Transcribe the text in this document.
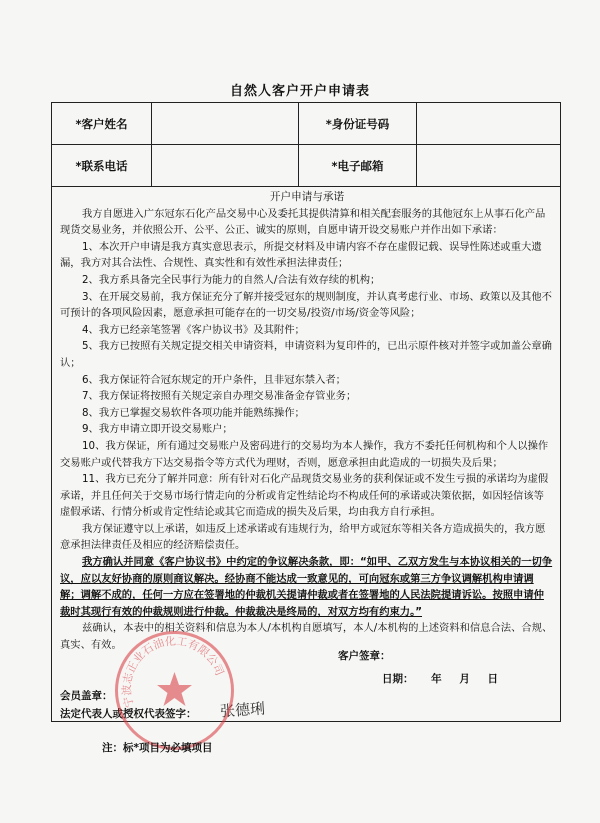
自然人客户开户申请表
*客户姓名	*身份证号码
*联系电话	*电子邮箱

开户申请与承诺

我方自愿进入广东冠东石化产品交易中心及委托其提供清算和相关配套服务的其他冠东上从事石化产品现货交易业务，并依照公开、公平、公正、诚实的原则，自愿申请开设交易账户并作出如下承诺：

1、本次开户申请是我方真实意思表示，所提交材料及申请内容不存在虚假记载、误导性陈述或重大遗漏，我方对其合法性、合规性、真实性和有效性承担法律责任；

2、我方系具备完全民事行为能力的自然人/合法有效存续的机构；

3、在开展交易前，我方保证充分了解并接受冠东的规则制度，并认真考虑行业、市场、政策以及其他不可预计的各项风险因素，愿意承担可能存在的一切交易/投资/市场/资金等风险；

4、我方已经亲笔签署《客户协议书》及其附件；

5、我方已按照有关规定提交相关申请资料，申请资料为复印件的，已出示原件核对并签字或加盖公章确认；

6、我方保证符合冠东规定的开户条件，且非冠东禁入者；

7、我方保证将按照有关规定亲自办理交易准备金存管业务；

8、我方已掌握交易软件各项功能并能熟练操作；

9、我方申请立即开设交易账户；

10、我方保证，所有通过交易账户及密码进行的交易均为本人操作，我方不委托任何机构和个人以操作交易账户或代替我方下达交易指令等方式代为理财，否则，愿意承担由此造成的一切损失及后果；

11、我方已充分了解并同意：所有针对石化产品现货交易业务的获利保证或不发生亏损的承诺均为虚假承诺，并且任何关于交易市场行情走向的分析或肯定性结论均不构成任何的承诺或决策依据，如因轻信该等虚假承诺、行情分析或肯定性结论或其它而造成的损失及后果，均由我方自行承担。

我方保证遵守以上承诺，如违反上述承诺或有违规行为，给甲方或冠东等相关各方造成损失的，我方愿意承担法律责任及相应的经济赔偿责任。

我方确认并同意《客户协议书》中约定的争议解决条款，即：“如甲、乙双方发生与本协议相关的一切争议，应以友好协商的原则商议解决。经协商不能达成一致意见的，可向冠东或第三方争议调解机构申请调解；调解不成的，任何一方应在签署地的仲裁机关提请仲裁或者在签署地的人民法院提请诉讼。按照申请仲裁时其现行有效的仲裁规则进行仲裁。仲裁裁决是终局的，对双方均有约束力。”

兹确认，本表中的相关资料和信息为本人/本机构自愿填写，本人/本机构的上述资料和信息合法、合规、真实、有效。

客户签章：
日期： 年 月 日
会员盖章：
法定代表人或授权代表签字： 张德琍
宁波志正业石油化工有限公司
注：标*项目为必填项目
